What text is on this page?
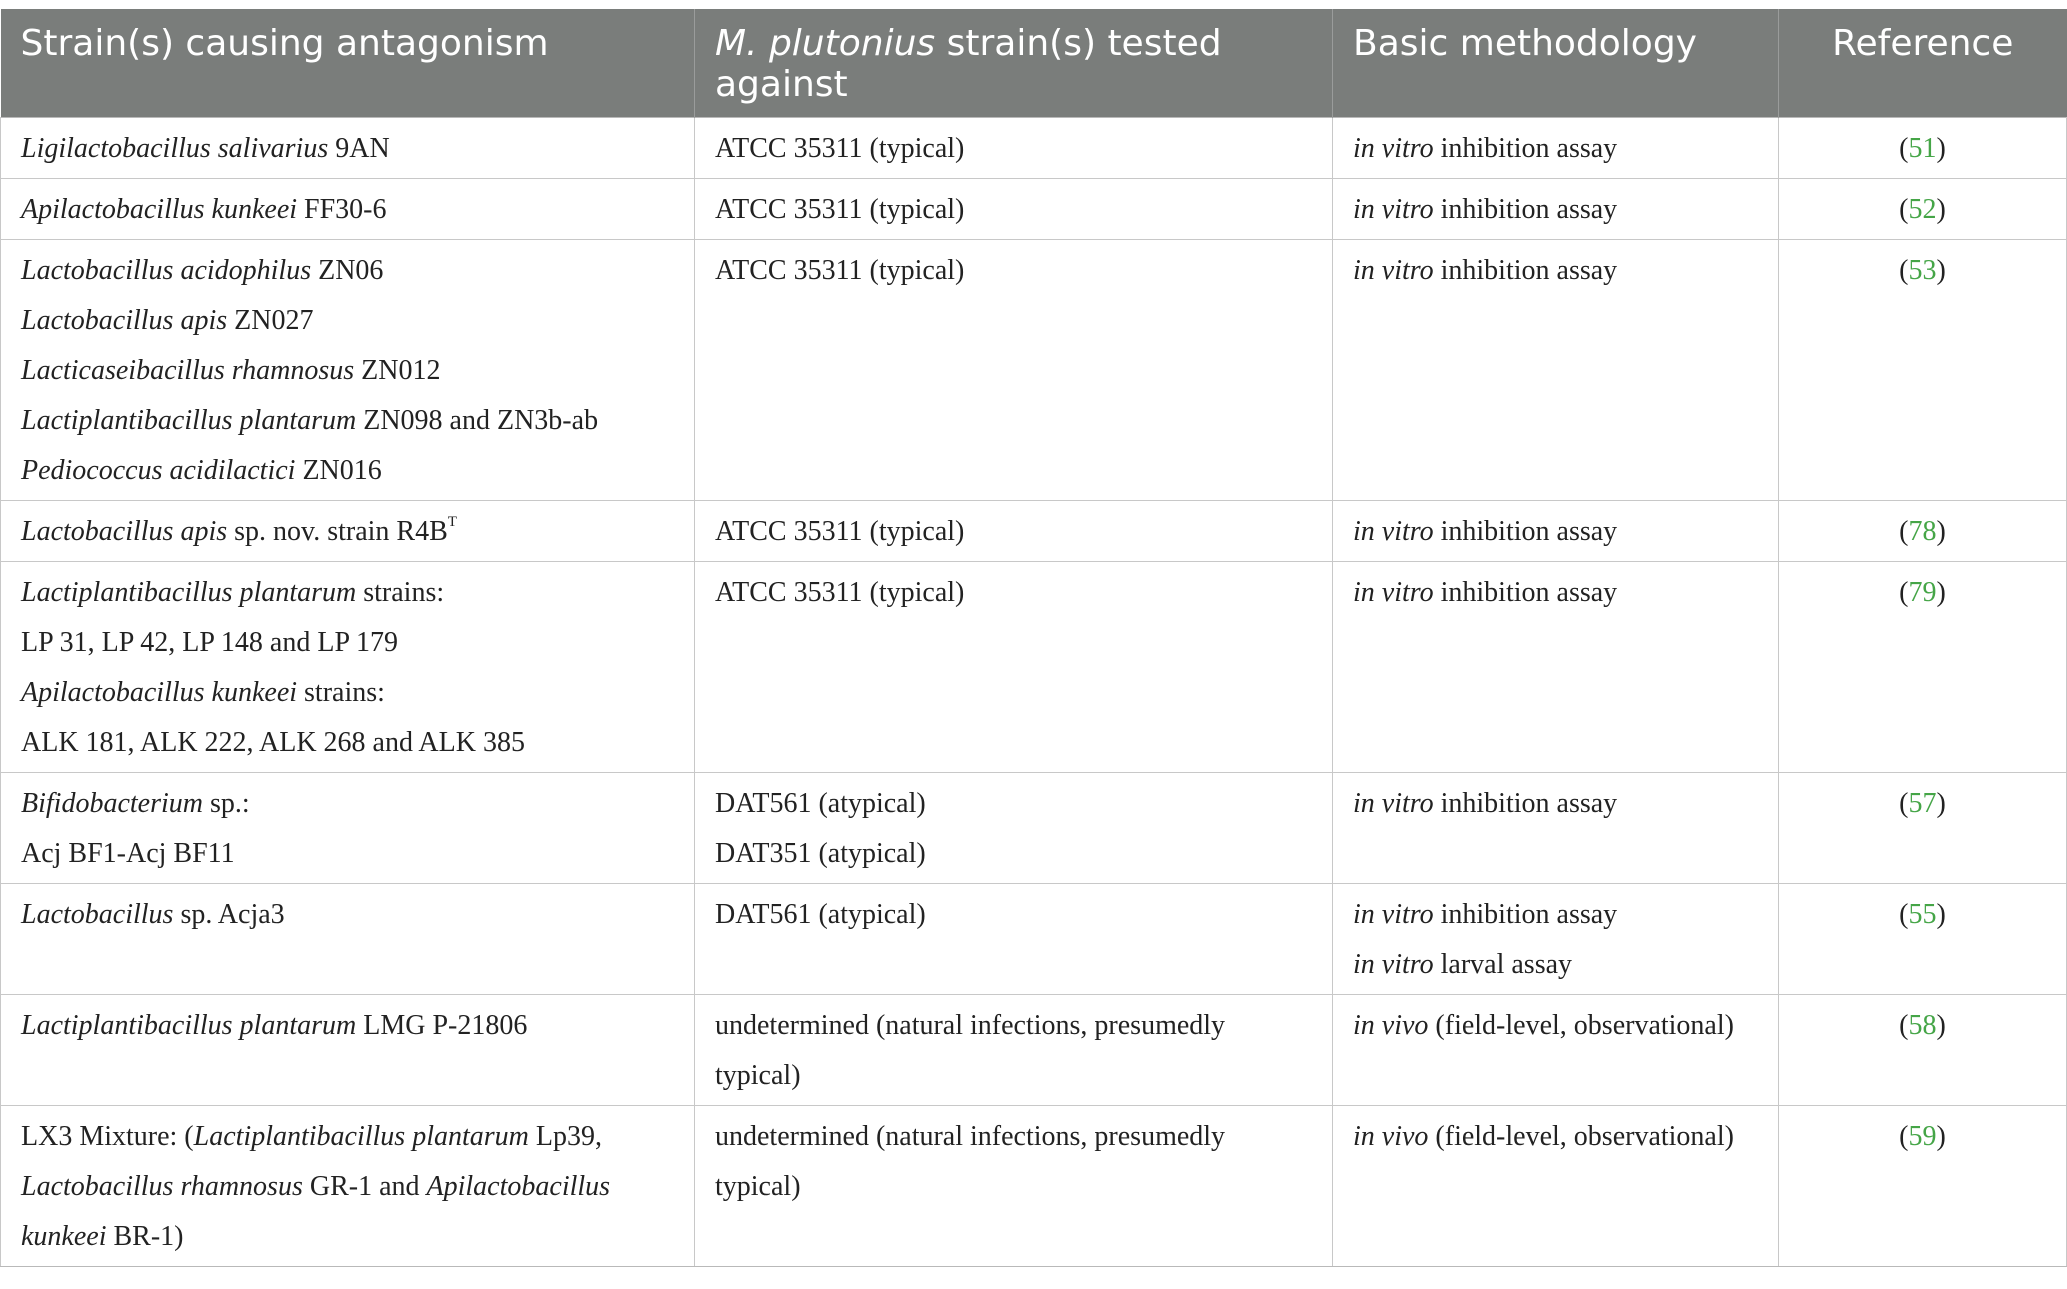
Strain(s) causing antagonism	M. plutonius strain(s) tested against	Basic methodology	Reference

Ligilactobacillus salivarius 9AN	ATCC 35311 (typical)	in vitro inhibition assay	(51)

Apilactobacillus kunkeei FF30-6	ATCC 35311 (typical)	in vitro inhibition assay	(52)

Lactobacillus acidophilus ZN06
Lactobacillus apis ZN027
Lacticaseibacillus rhamnosus ZN012
Lactiplantibacillus plantarum ZN098 and ZN3b-ab
Pediococcus acidilactici ZN016	ATCC 35311 (typical)	in vitro inhibition assay	(53)

Lactobacillus apis sp. nov. strain $R4B^T$	ATCC 35311 (typical)	in vitro inhibition assay	(78)

Lactiplantibacillus plantarum strains:
LP 31, LP 42, LP 148 and LP 179
Apilactobacillus kunkeei strains:
ALK 181, ALK 222, ALK 268 and ALK 385	ATCC 35311 (typical)	in vitro inhibition assay	(79)

Bifidobacterium sp.:
Acj BF1-Acj BF11	DAT561 (atypical)
DAT351 (atypical)	in vitro inhibition assay	(57)

Lactobacillus sp. Acja3	DAT561 (atypical)	in vitro inhibition assay
in vitro larval assay	(55)

Lactiplantibacillus plantarum LMG P-21806	undetermined (natural infections, presumedly
typical)	in vivo (field-level, observational)	(58)

LX3 Mixture: (Lactiplantibacillus plantarum Lp39,
Lactobacillus rhamnosus GR-1 and Apilactobacillus
kunkeei BR-1)	undetermined (natural infections, presumedly
typical)	in vivo (field-level, observational)	(59)
